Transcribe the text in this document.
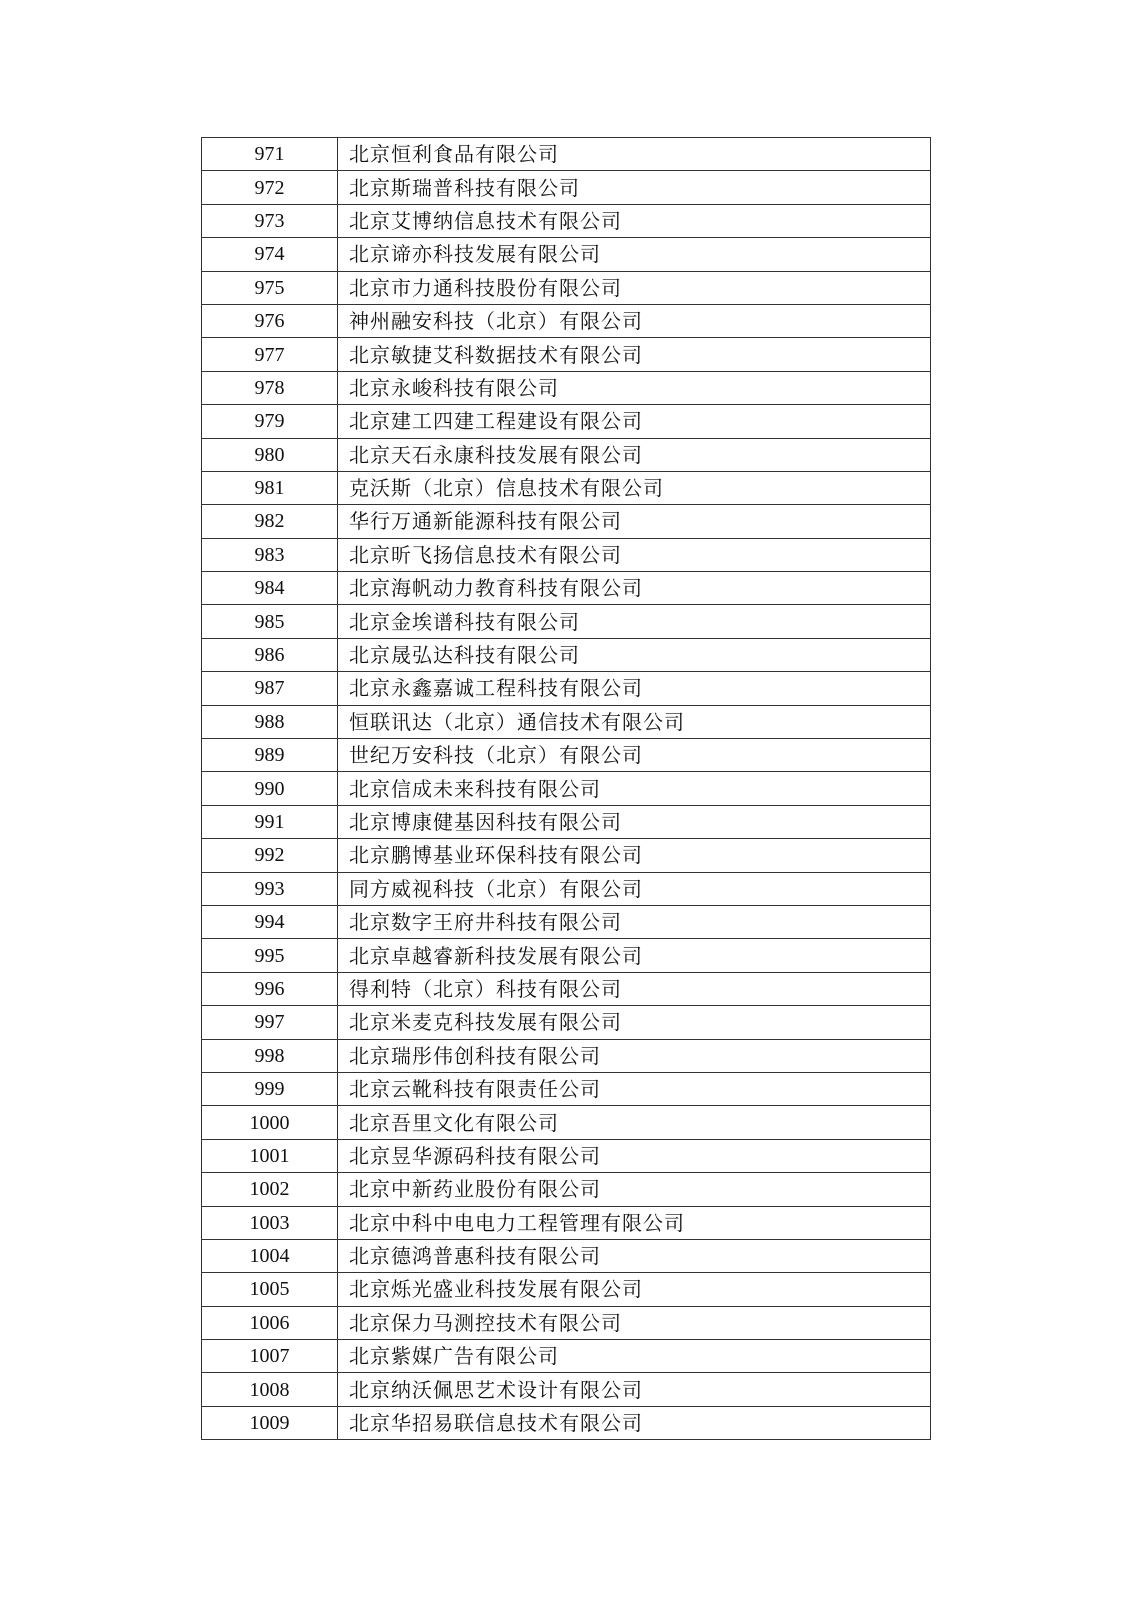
971	北京恒利食品有限公司
972	北京斯瑞普科技有限公司
973	北京艾博纳信息技术有限公司
974	北京谛亦科技发展有限公司
975	北京市力通科技股份有限公司
976	神州融安科技（北京）有限公司
977	北京敏捷艾科数据技术有限公司
978	北京永峻科技有限公司
979	北京建工四建工程建设有限公司
980	北京天石永康科技发展有限公司
981	克沃斯（北京）信息技术有限公司
982	华行万通新能源科技有限公司
983	北京昕飞扬信息技术有限公司
984	北京海帆动力教育科技有限公司
985	北京金埃谱科技有限公司
986	北京晟弘达科技有限公司
987	北京永鑫嘉诚工程科技有限公司
988	恒联讯达（北京）通信技术有限公司
989	世纪万安科技（北京）有限公司
990	北京信成未来科技有限公司
991	北京博康健基因科技有限公司
992	北京鹏博基业环保科技有限公司
993	同方威视科技（北京）有限公司
994	北京数字王府井科技有限公司
995	北京卓越睿新科技发展有限公司
996	得利特（北京）科技有限公司
997	北京米麦克科技发展有限公司
998	北京瑞彤伟创科技有限公司
999	北京云靴科技有限责任公司
1000	北京吾里文化有限公司
1001	北京昱华源码科技有限公司
1002	北京中新药业股份有限公司
1003	北京中科中电电力工程管理有限公司
1004	北京德鸿普惠科技有限公司
1005	北京烁光盛业科技发展有限公司
1006	北京保力马测控技术有限公司
1007	北京紫媒广告有限公司
1008	北京纳沃佩思艺术设计有限公司
1009	北京华招易联信息技术有限公司
